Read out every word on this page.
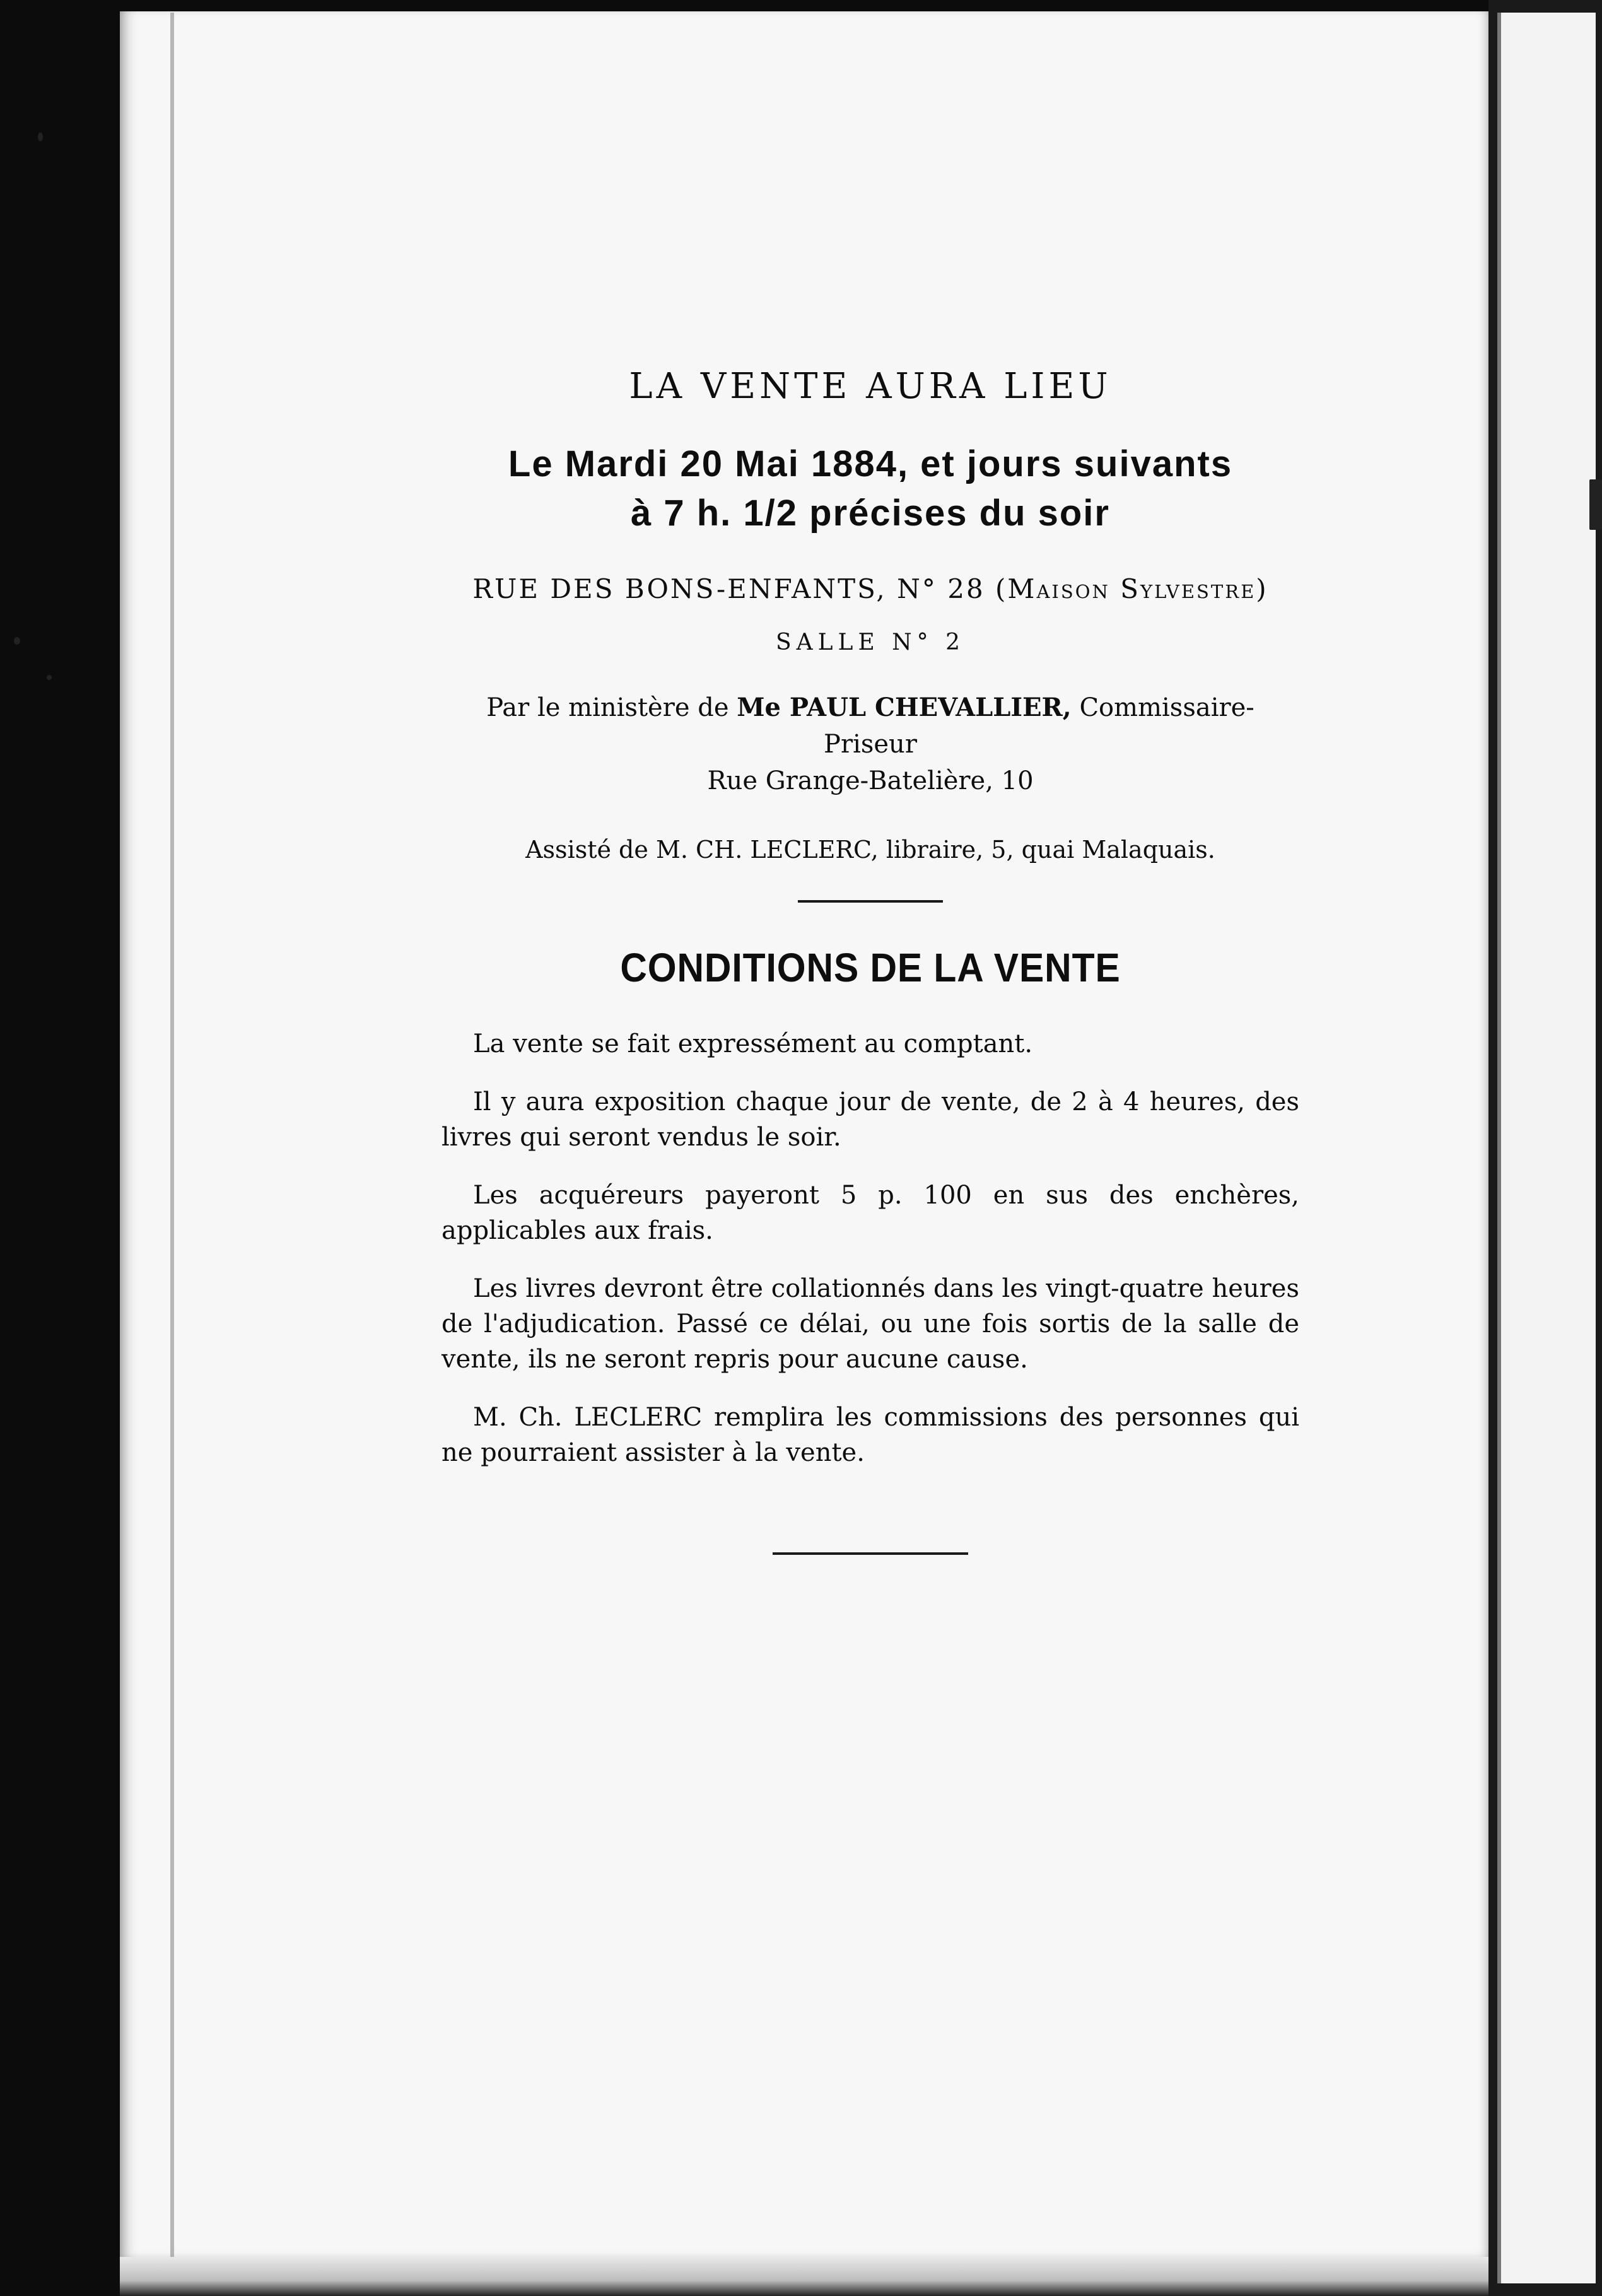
LA VENTE AURA LIEU

Le Mardi 20 Mai 1884, et jours suivants

à 7 h. 1/2 précises du soir

RUE DES BONS-ENFANTS, N° 28 (Maison Sylvestre)

SALLE N° 2

Par le ministère de Me PAUL CHEVALLIER, Commissaire-Priseur
Rue Grange-Batelière, 10

Assisté de M. CH. LECLERC, libraire, 5, quai Malaquais.

CONDITIONS DE LA VENTE

La vente se fait expressément au comptant.

Il y aura exposition chaque jour de vente, de 2 à 4 heures, des livres qui seront vendus le soir.

Les acquéreurs payeront 5 p. 100 en sus des enchères, applicables aux frais.

Les livres devront être collationnés dans les vingt-quatre heures de l'adjudication. Passé ce délai, ou une fois sortis de la salle de vente, ils ne seront repris pour aucune cause.

M. Ch. LECLERC remplira les commissions des personnes qui ne pourraient assister à la vente.
